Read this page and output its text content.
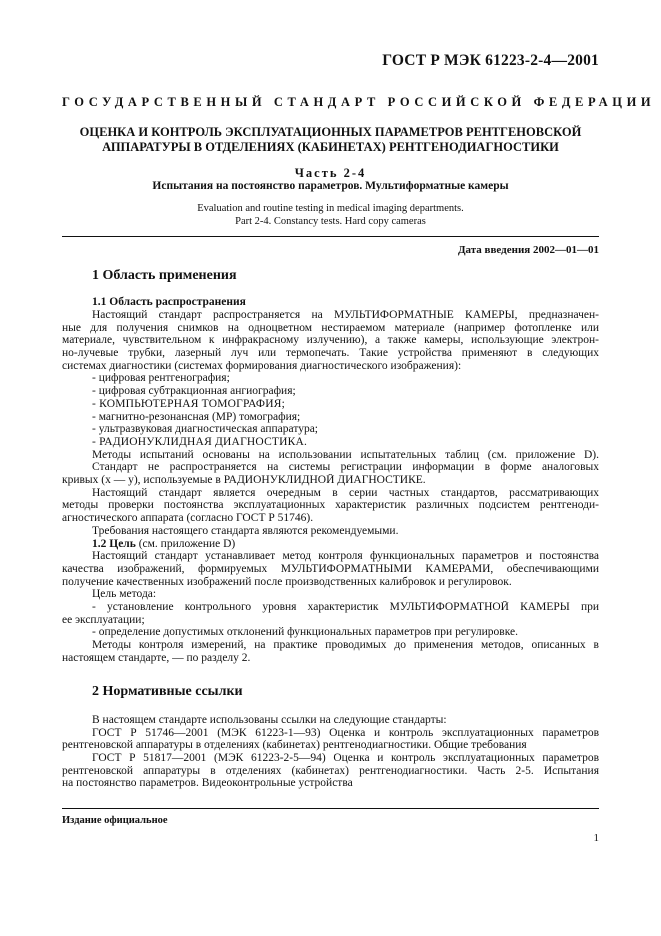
ГОСТ Р МЭК 61223-2-4—2001
ГОСУДАРСТВЕННЫЙ СТАНДАРТ РОССИЙСКОЙ ФЕДЕРАЦИИ
ОЦЕНКА И КОНТРОЛЬ ЭКСПЛУАТАЦИОННЫХ ПАРАМЕТРОВ РЕНТГЕНОВСКОЙ
АППАРАТУРЫ В ОТДЕЛЕНИЯХ (КАБИНЕТАХ) РЕНТГЕНОДИАГНОСТИКИ
Часть 2-4
Испытания на постоянство параметров. Мультиформатные камеры
Evaluation and routine testing in medical imaging departments.
Part 2-4. Constancy tests. Hard copy cameras
Дата введения 2002—01—01
1 Область применения
1.1 Область распространения
Настоящий стандарт распространяется на МУЛЬТИФОРМАТНЫЕ КАМЕРЫ, предназначен-
ные для получения снимков на одноцветном нестираемом материале (например фотопленке или
материале, чувствительном к инфракрасному излучению), а также камеры, использующие электрон-
но-лучевые трубки, лазерный луч или термопечать. Такие устройства применяют в следующих
системах диагностики (системах формирования диагностического изображения):
- цифровая рентгенография;
- цифровая субтракционная ангиография;
- КОМПЬЮТЕРНАЯ ТОМОГРАФИЯ;
- магнитно-резонансная (МР) томография;
- ультразвуковая диагностическая аппаратура;
- РАДИОНУКЛИДНАЯ ДИАГНОСТИКА.
Методы испытаний основаны на использовании испытательных таблиц (см. приложение D).
Стандарт не распространяется на системы регистрации информации в форме аналоговых
кривых (x — y), используемые в РАДИОНУКЛИДНОЙ ДИАГНОСТИКЕ.
Настоящий стандарт является очередным в серии частных стандартов, рассматривающих
методы проверки постоянства эксплуатационных характеристик различных подсистем рентгеноди-
агностического аппарата (согласно ГОСТ Р 51746).
Требования настоящего стандарта являются рекомендуемыми.
1.2 Цель (см. приложение D)
Настоящий стандарт устанавливает метод контроля функциональных параметров и постоянства
качества изображений, формируемых МУЛЬТИФОРМАТНЫМИ КАМЕРАМИ, обеспечивающими
получение качественных изображений после производственных калибровок и регулировок.
Цель метода:
- установление контрольного уровня характеристик МУЛЬТИФОРМАТНОЙ КАМЕРЫ при
ее эксплуатации;
- определение допустимых отклонений функциональных параметров при регулировке.
Методы контроля измерений, на практике проводимых до применения методов, описанных в
настоящем стандарте, — по разделу 2.
2 Нормативные ссылки
В настоящем стандарте использованы ссылки на следующие стандарты:
ГОСТ Р 51746—2001 (МЭК 61223-1—93) Оценка и контроль эксплуатационных параметров
рентгеновской аппаратуры в отделениях (кабинетах) рентгенодиагностики. Общие требования
ГОСТ Р 51817—2001 (МЭК 61223-2-5—94) Оценка и контроль эксплуатационных параметров
рентгеновской аппаратуры в отделениях (кабинетах) рентгенодиагностики. Часть 2-5. Испытания
на постоянство параметров. Видеоконтрольные устройства
Издание официальное
1
